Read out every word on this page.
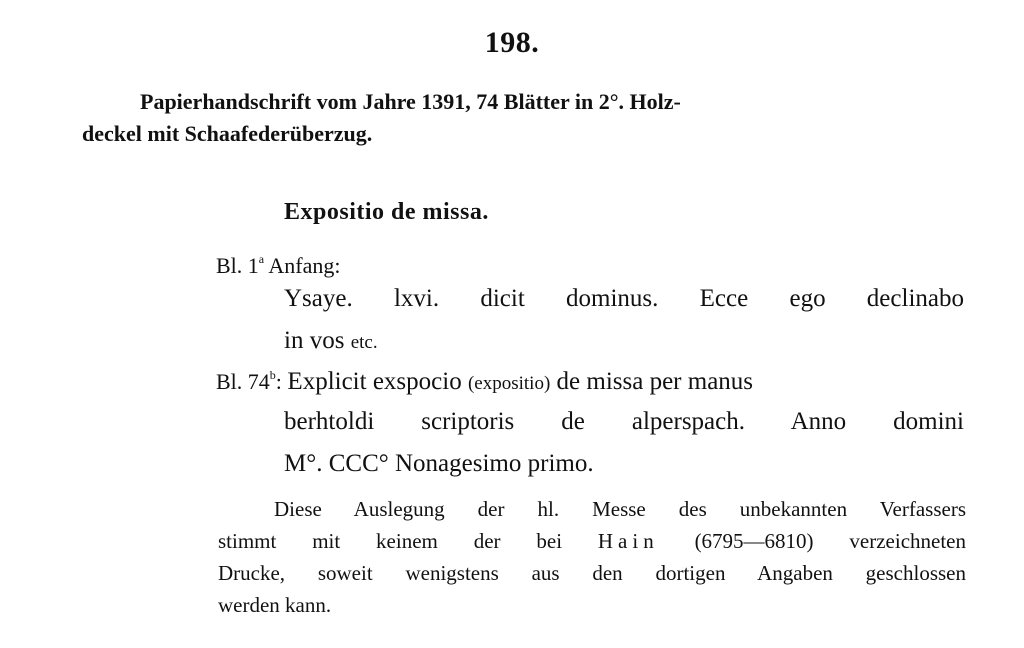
198.
Papierhandschrift vom Jahre 1391, 74 Blätter in 2°. Holz-
deckel mit Schaafederüberzug.
Expositio de missa.
Bl. 1$^a$ Anfang:
Ysaye. lxvi. dicit dominus. Ecce ego declinabo
in vos etc.
Bl. 74$^b$: Explicit exspocio (expositio) de missa per manus
berhtoldi scriptoris de alperspach. Anno domini
M°. CCC° Nonagesimo primo.
Diese Auslegung der hl. Messe des unbekannten Verfassers
stimmt mit keinem der bei Hain (6795—6810) verzeichneten
Drucke, soweit wenigstens aus den dortigen Angaben geschlossen
werden kann.
